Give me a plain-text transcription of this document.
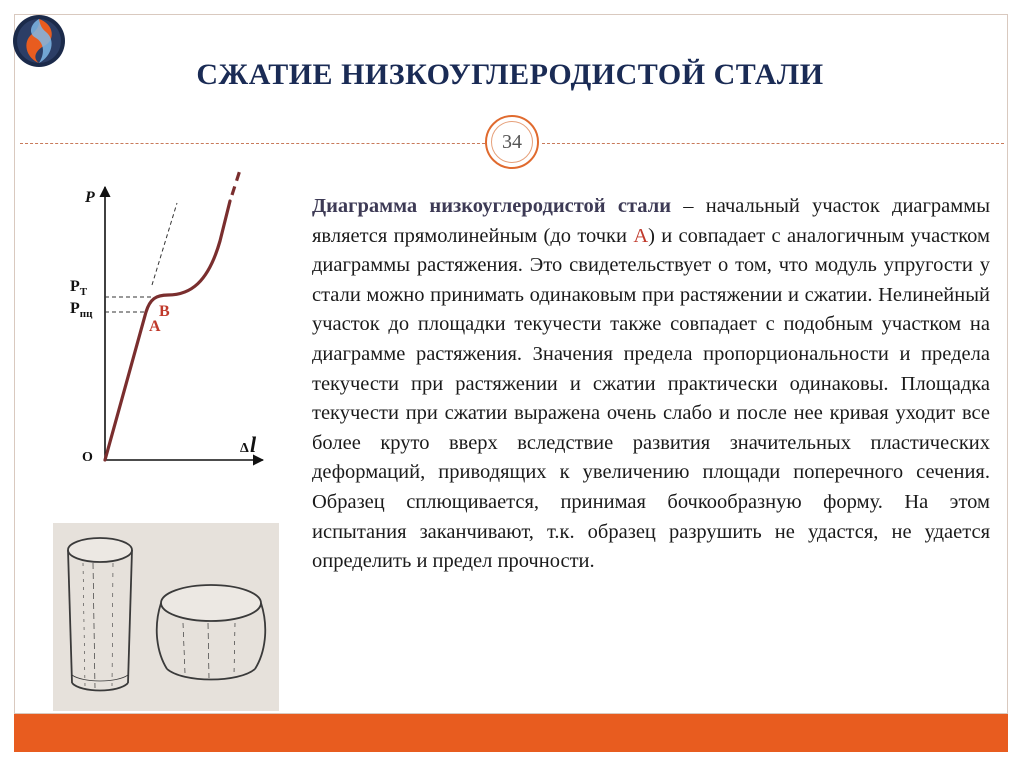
СЖАТИЕ НИЗКОУГЛЕРОДИСТОЙ СТАЛИ
34
P
Δ l
O
$P_T$
$P_{пц}$	B
A
Диаграмма низкоуглеродистой стали – начальный участок диаграммы является прямолинейным (до точки А) и совпадает с аналогичным участком диаграммы растяжения. Это свидетельствует о том, что модуль упругости у стали можно принимать одинаковым при растяжении и сжатии. Нелинейный участок до площадки текучести также совпадает с подобным участком на диаграмме растяжения. Значения предела пропорциональности и предела текучести при растяжении и сжатии практически одинаковы. Площадка текучести при сжатии выражена очень слабо и после нее кривая уходит все более круто вверх вследствие развития значительных пластических деформаций, приводящих к увеличению площади поперечного сечения. Образец сплющивается, принимая бочкообразную форму. На этом испытания заканчивают, т.к. образец разрушить не удастся, не удается определить и предел прочности.
